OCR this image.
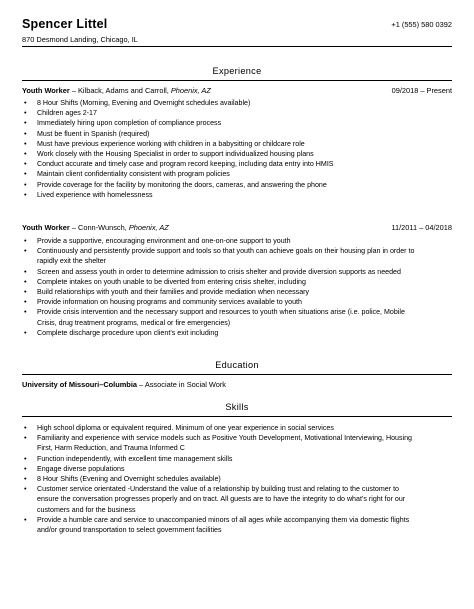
Spencer Littel	+1 (555) 580 0392
870 Desmond Landing, Chicago, IL
Experience
Youth Worker – Kilback, Adams and Carroll, Phoenix, AZ	09/2018 – Present
• 8 Hour Shifts (Morning, Evening and Overnight schedules available)
• Children ages 2-17
• Immediately hiring upon completion of compliance process
• Must be fluent in Spanish (required)
• Must have previous experience working with children in a babysitting or childcare role
• Work closely with the Housing Specialist in order to support individualized housing plans
• Conduct accurate and timely case and program record keeping, including data entry into HMIS
• Maintain client confidentiality consistent with program policies
• Provide coverage for the facility by monitoring the doors, cameras, and answering the phone
• Lived experience with homelessness
Youth Worker – Conn-Wunsch, Phoenix, AZ	11/2011 – 04/2018
• Provide a supportive, encouraging environment and one-on-one support to youth
• Continuously and persistently provide support and tools so that youth can achieve goals on their housing plan in order to rapidly exit the shelter
• Screen and assess youth in order to determine admission to crisis shelter and provide diversion supports as needed
• Complete intakes on youth unable to be diverted from entering crisis shelter, including
• Build relationships with youth and their families and provide mediation when necessary
• Provide information on housing programs and community services available to youth
• Provide crisis intervention and the necessary support and resources to youth when situations arise (i.e. police, Mobile Crisis, drug treatment programs, medical or fire emergencies)
• Complete discharge procedure upon client’s exit including
Education
University of Missouri–Columbia – Associate in Social Work
Skills
• High school diploma or equivalent required. Minimum of one year experience in social services
• Familiarity and experience with service models such as Positive Youth Development, Motivational Interviewing, Housing First, Harm Reduction, and Trauma Informed C
• Function independently, with excellent time management skills
• Engage diverse populations
• 8 Hour Shifts (Evening and Overnight schedules available)
• Customer service orientated -Understand the value of a relationship by building trust and relating to the customer to ensure the conversation progresses properly and on tract. All guests are to have the integrity to do what’s right for our customers and for the business
• Provide a humble care and service to unaccompanied minors of all ages while accompanying them via domestic flights and/or ground transportation to select government facilities
